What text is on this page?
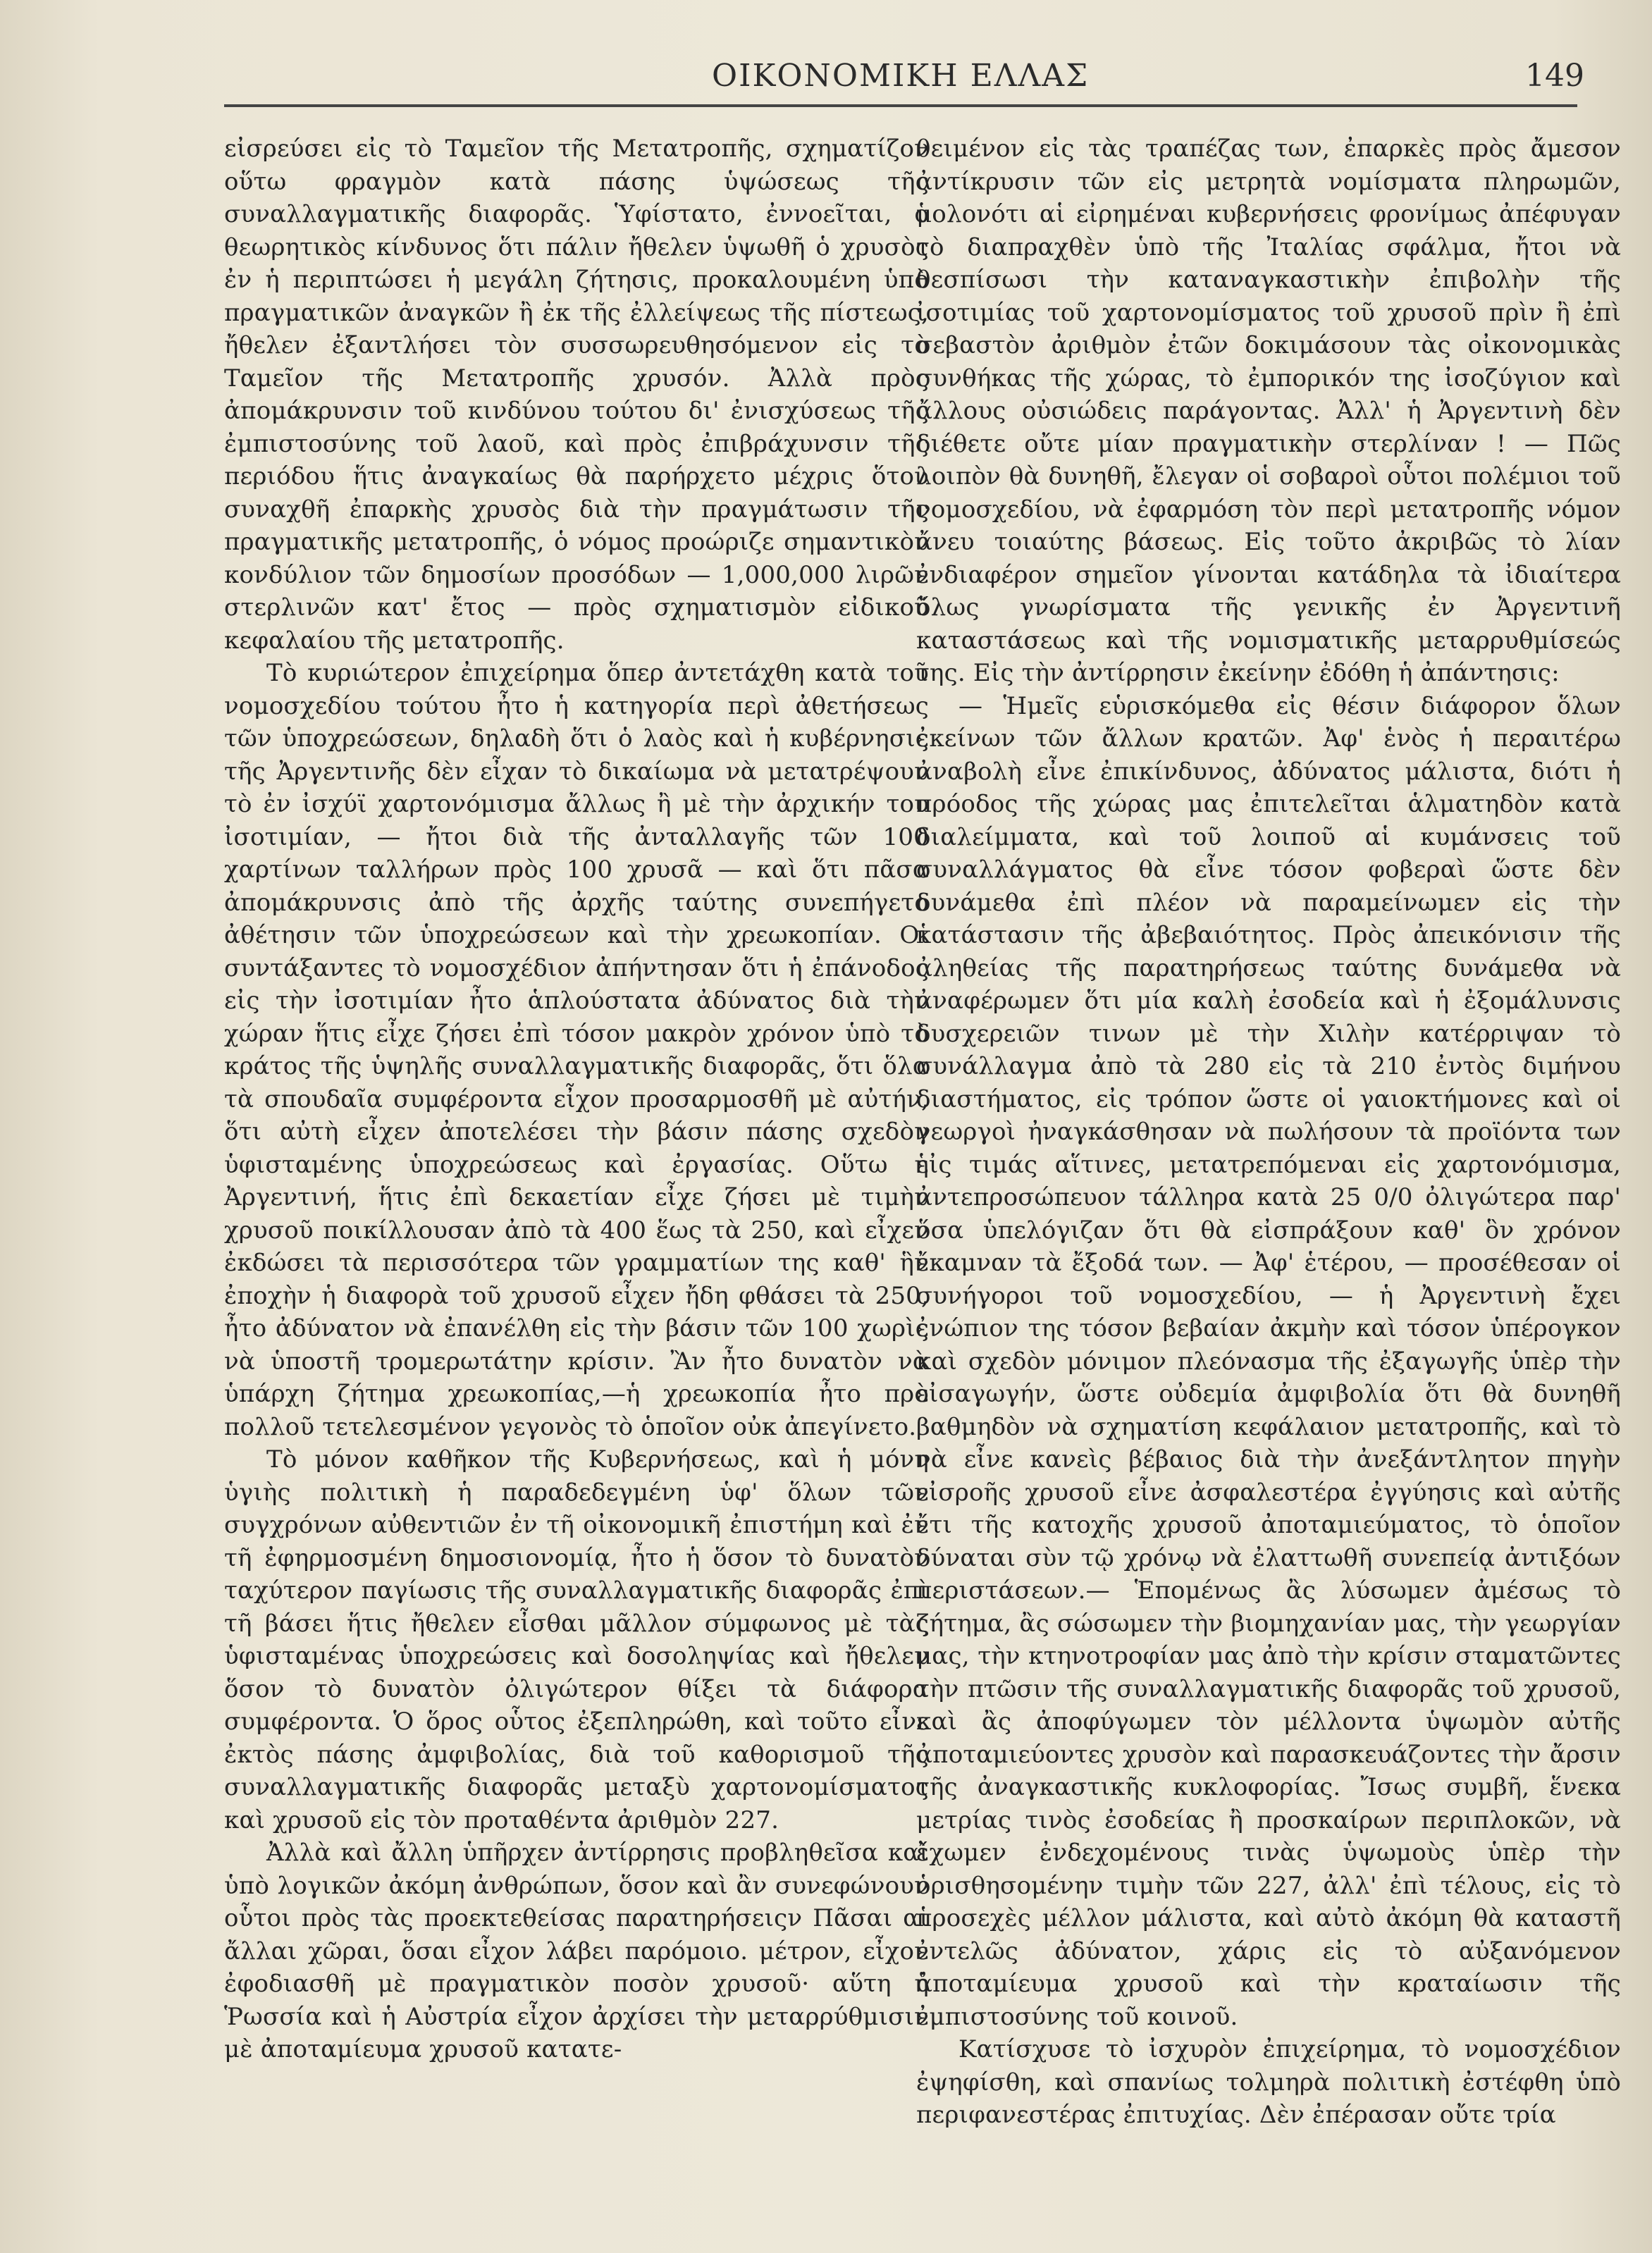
ΟΙΚΟΝΟΜΙΚΗ ΕΛΛΑΣ	149

εἰσρεύσει εἰς τὸ Ταμεῖον τῆς Μετατροπῆς, σχηματίζον οὕτω φραγμὸν κατὰ πάσης ὑψώσεως τῆς συναλλαγματικῆς διαφορᾶς. Ὑφίστατο, ἐννοεῖται, ὁ θεωρητικὸς κίνδυνος ὅτι πάλιν ἤθελεν ὑψωθῆ ὁ χρυσὸς ἐν ἡ περιπτώσει ἡ μεγάλη ζήτησις, προκαλουμένη ὑπὸ πραγματικῶν ἀναγκῶν ἢ ἐκ τῆς ἐλλείψεως τῆς πίστεως, ἤθελεν ἐξαντλήσει τὸν συσσωρευθησόμενον εἰς τὸ Ταμεῖον τῆς Μετατροπῆς χρυσόν. Ἀλλὰ πρὸς ἀπομάκρυνσιν τοῦ κινδύνου τούτου δι' ἐνισχύσεως τῆς ἐμπιστοσύνης τοῦ λαοῦ, καὶ πρὸς ἐπιβράχυνσιν τῆς περιόδου ἥτις ἀναγκαίως θὰ παρήρχετο μέχρις ὅτου συναχθῆ ἐπαρκὴς χρυσὸς διὰ τὴν πραγμάτωσιν τῆς πραγματικῆς μετατροπῆς, ὁ νόμος προώριζε σημαντικὸν κονδύλιον τῶν δημοσίων προσόδων — 1,000,000 λιρῶν στερλινῶν κατ' ἔτος — πρὸς σχηματισμὸν εἰδικοῦ κεφαλαίου τῆς μετατροπῆς.

Τὸ κυριώτερον ἐπιχείρημα ὅπερ ἀντετάχθη κατὰ τοῦ νομοσχεδίου τούτου ἦτο ἡ κατηγορία περὶ ἀθετήσεως τῶν ὑποχρεώσεων, δηλαδὴ ὅτι ὁ λαὸς καὶ ἡ κυβέρνησις τῆς Ἀργεντινῆς δὲν εἶχαν τὸ δικαίωμα νὰ μετατρέψουν τὸ ἐν ἰσχύϊ χαρτονόμισμα ἄλλως ἢ μὲ τὴν ἀρχικήν του ἰσοτιμίαν, — ἤτοι διὰ τῆς ἀνταλλαγῆς τῶν 100 χαρτίνων ταλλήρων πρὸς 100 χρυσᾶ — καὶ ὅτι πᾶσα ἀπομάκρυνσις ἀπὸ τῆς ἀρχῆς ταύτης συνεπήγετο ἀθέτησιν τῶν ὑποχρεώσεων καὶ τὴν χρεωκοπίαν. Οἱ συντάξαντες τὸ νομοσχέδιον ἀπήντησαν ὅτι ἡ ἐπάνοδος εἰς τὴν ἰσοτιμίαν ἦτο ἁπλούστατα ἀδύνατος διὰ τὴν χώραν ἥτις εἶχε ζήσει ἐπὶ τόσον μακρὸν χρόνον ὑπὸ τὸ κράτος τῆς ὑψηλῆς συναλλαγματικῆς διαφορᾶς, ὅτι ὅλα τὰ σπουδαῖα συμφέροντα εἶχον προσαρμοσθῆ μὲ αὐτήν, ὅτι αὐτὴ εἶχεν ἀποτελέσει τὴν βάσιν πάσης σχεδὸν ὑφισταμένης ὑποχρεώσεως καὶ ἐργασίας. Οὕτω ἡ Ἀργεντινή, ἥτις ἐπὶ δεκαετίαν εἶχε ζήσει μὲ τιμὴν χρυσοῦ ποικίλλουσαν ἀπὸ τὰ 400 ἕως τὰ 250, καὶ εἶχεν ἐκδώσει τὰ περισσότερα τῶν γραμματίων της καθ' ἣν ἐποχὴν ἡ διαφορὰ τοῦ χρυσοῦ εἶχεν ἤδη φθάσει τὰ 250, ἦτο ἀδύνατον νὰ ἐπανέλθη εἰς τὴν βάσιν τῶν 100 χωρὶς νὰ ὑποστῆ τρομερωτάτην κρίσιν. Ἂν ἦτο δυνατὸν νὰ ὑπάρχη ζήτημα χρεωκοπίας,—ἡ χρεωκοπία ἦτο πρὸ πολλοῦ τετελεσμένον γεγονὸς τὸ ὁποῖον οὐκ ἀπεγίνετο.

Τὸ μόνον καθῆκον τῆς Κυβερνήσεως, καὶ ἡ μόνη ὑγιὴς πολιτικὴ ἡ παραδεδεγμένη ὑφ' ὅλων τῶν συγχρόνων αὐθεντιῶν ἐν τῆ οἰκονομικῆ ἐπιστήμη καὶ ἐν τῆ ἐφηρμοσμένη δημοσιονομίᾳ, ἦτο ἡ ὅσον τὸ δυνατὸν ταχύτερον παγίωσις τῆς συναλλαγματικῆς διαφορᾶς ἐπὶ τῆ βάσει ἥτις ἤθελεν εἶσθαι μᾶλλον σύμφωνος μὲ τὰς ὑφισταμένας ὑποχρεώσεις καὶ δοσοληψίας καὶ ἤθελεν ὅσον τὸ δυνατὸν ὀλιγώτερον θίξει τὰ διάφορα συμφέροντα. Ὁ ὅρος οὗτος ἐξεπληρώθη, καὶ τοῦτο εἶνε ἐκτὸς πάσης ἀμφιβολίας, διὰ τοῦ καθορισμοῦ τῆς συναλλαγματικῆς διαφορᾶς μεταξὺ χαρτονομίσματος καὶ χρυσοῦ εἰς τὸν προταθέντα ἀριθμὸν 227.

Ἀλλὰ καὶ ἄλλη ὑπῆρχεν ἀντίρρησις προβληθεῖσα καὶ ὑπὸ λογικῶν ἀκόμη ἀνθρώπων, ὅσον καὶ ἂν συνεφώνουν οὗτοι πρὸς τὰς προεκτεθείσας παρατηρήσειςν Πᾶσαι αἱ ἄλλαι χῶραι, ὅσαι εἶχον λάβει παρόμοιο. μέτρον, εἶχον ἐφοδιασθῆ μὲ πραγματικὸν ποσὸν χρυσοῦ· αὕτη ἡ Ῥωσσία καὶ ἡ Αὐστρία εἶχον ἀρχίσει τὴν μεταρρύθμισιν μὲ ἀποταμίευμα χρυσοῦ κατατε-

θειμένον εἰς τὰς τραπέζας των, ἐπαρκὲς πρὸς ἄμεσον ἀντίκρυσιν τῶν εἰς μετρητὰ νομίσματα πληρωμῶν, μολονότι αἱ εἰρημέναι κυβερνήσεις φρονίμως ἀπέφυγαν τὸ διαπραχθὲν ὑπὸ τῆς Ἰταλίας σφάλμα, ἤτοι νὰ θεσπίσωσι τὴν καταναγκαστικὴν ἐπιβολὴν τῆς ἰσοτιμίας τοῦ χαρτονομίσματος τοῦ χρυσοῦ πρὶν ἢ ἐπὶ σεβαστὸν ἀριθμὸν ἐτῶν δοκιμάσουν τὰς οἰκονομικὰς συνθήκας τῆς χώρας, τὸ ἐμπορικόν της ἰσοζύγιον καὶ ἄλλους οὐσιώδεις παράγοντας. Ἀλλ' ἡ Ἀργεντινὴ δὲν διέθετε οὔτε μίαν πραγματικὴν στερλίναν ! — Πῶς λοιπὸν θὰ δυνηθῆ, ἔλεγαν οἱ σοβαροὶ οὗτοι πολέμιοι τοῦ νομοσχεδίου, νὰ ἐφαρμόση τὸν περὶ μετατροπῆς νόμον ἄνευ τοιαύτης βάσεως. Εἰς τοῦτο ἀκριβῶς τὸ λίαν ἐνδιαφέρον σημεῖον γίνονται κατάδηλα τὰ ἰδιαίτερα ὅλως γνωρίσματα τῆς γενικῆς ἐν Ἀργεντινῆ καταστάσεως καὶ τῆς νομισματικῆς μεταρρυθμίσεώς της. Εἰς τὴν ἀντίρρησιν ἐκείνην ἐδόθη ἡ ἀπάντησις:

— Ἡμεῖς εὑρισκόμεθα εἰς θέσιν διάφορον ὅλων ἐκείνων τῶν ἄλλων κρατῶν. Ἀφ' ἑνὸς ἡ περαιτέρω ἀναβολὴ εἶνε ἐπικίνδυνος, ἀδύνατος μάλιστα, διότι ἡ πρόοδος τῆς χώρας μας ἐπιτελεῖται ἁλματηδὸν κατὰ διαλείμματα, καὶ τοῦ λοιποῦ αἱ κυμάνσεις τοῦ συναλλάγματος θὰ εἶνε τόσον φοβεραὶ ὥστε δὲν δυνάμεθα ἐπὶ πλέον νὰ παραμείνωμεν εἰς τὴν κατάστασιν τῆς ἀβεβαιότητος. Πρὸς ἀπεικόνισιν τῆς ἀληθείας τῆς παρατηρήσεως ταύτης δυνάμεθα νὰ ἀναφέρωμεν ὅτι μία καλὴ ἐσοδεία καὶ ἡ ἐξομάλυνσις δυσχερειῶν τινων μὲ τὴν Χιλὴν κατέρριψαν τὸ συνάλλαγμα ἀπὸ τὰ 280 εἰς τὰ 210 ἐντὸς διμήνου διαστήματος, εἰς τρόπον ὥστε οἱ γαιοκτήμονες καὶ οἱ γεωργοὶ ἠναγκάσθησαν νὰ πωλήσουν τὰ προϊόντα των εἰς τιμάς αἵτινες, μετατρεπόμεναι εἰς χαρτονόμισμα, ἀντεπροσώπευον τάλληρα κατὰ 25 0/0 ὀλιγώτερα παρ' ὅσα ὑπελόγιζαν ὅτι θὰ εἰσπράξουν καθ' ὃν χρόνον ἔκαμναν τὰ ἔξοδά των. — Ἀφ' ἑτέρου, — προσέθεσαν οἱ συνήγοροι τοῦ νομοσχεδίου, — ἡ Ἀργεντινὴ ἔχει ἐνώπιον της τόσον βεβαίαν ἀκμὴν καὶ τόσον ὑπέρογκον καὶ σχεδὸν μόνιμον πλεόνασμα τῆς ἐξαγωγῆς ὑπὲρ τὴν εἰσαγωγήν, ὥστε οὐδεμία ἀμφιβολία ὅτι θὰ δυνηθῆ βαθμηδὸν νὰ σχηματίση κεφάλαιον μετατροπῆς, καὶ τὸ νὰ εἶνε κανεὶς βέβαιος διὰ τὴν ἀνεξάντλητον πηγὴν εἰσροῆς χρυσοῦ εἶνε ἀσφαλεστέρα ἐγγύησις καὶ αὐτῆς ἔτι τῆς κατοχῆς χρυσοῦ ἀποταμιεύματος, τὸ ὁποῖον δύναται σὺν τῷ χρόνῳ νὰ ἐλαττωθῆ συνεπείᾳ ἀντιξόων περιστάσεων.— Ἑπομένως ἂς λύσωμεν ἀμέσως τὸ ζήτημα, ἂς σώσωμεν τὴν βιομηχανίαν μας, τὴν γεωργίαν μας, τὴν κτηνοτροφίαν μας ἀπὸ τὴν κρίσιν σταματῶντες τὴν πτῶσιν τῆς συναλλαγματικῆς διαφορᾶς τοῦ χρυσοῦ, καὶ ἂς ἀποφύγωμεν τὸν μέλλοντα ὑψωμὸν αὐτῆς ἀποταμιεύοντες χρυσὸν καὶ παρασκευάζοντες τὴν ἄρσιν τῆς ἀναγκαστικῆς κυκλοφορίας. Ἴσως συμβῆ, ἕνεκα μετρίας τινὸς ἐσοδείας ἢ προσκαίρων περιπλοκῶν, νὰ ἔχωμεν ἐνδεχομένους τινὰς ὑψωμοὺς ὑπὲρ τὴν ὁρισθησομένην τιμὴν τῶν 227, ἀλλ' ἐπὶ τέλους, εἰς τὸ προσεχὲς μέλλον μάλιστα, καὶ αὐτὸ ἀκόμη θὰ καταστῆ ἐντελῶς ἀδύνατον, χάρις εἰς τὸ αὐξανόμενον ἀποταμίευμα χρυσοῦ καὶ τὴν κραταίωσιν τῆς ἐμπιστοσύνης τοῦ κοινοῦ.

Κατίσχυσε τὸ ἰσχυρὸν ἐπιχείρημα, τὸ νομοσχέδιον ἐψηφίσθη, καὶ σπανίως τολμηρὰ πολιτικὴ ἐστέφθη ὑπὸ περιφανεστέρας ἐπιτυχίας. Δὲν ἐπέρασαν οὔτε τρία
